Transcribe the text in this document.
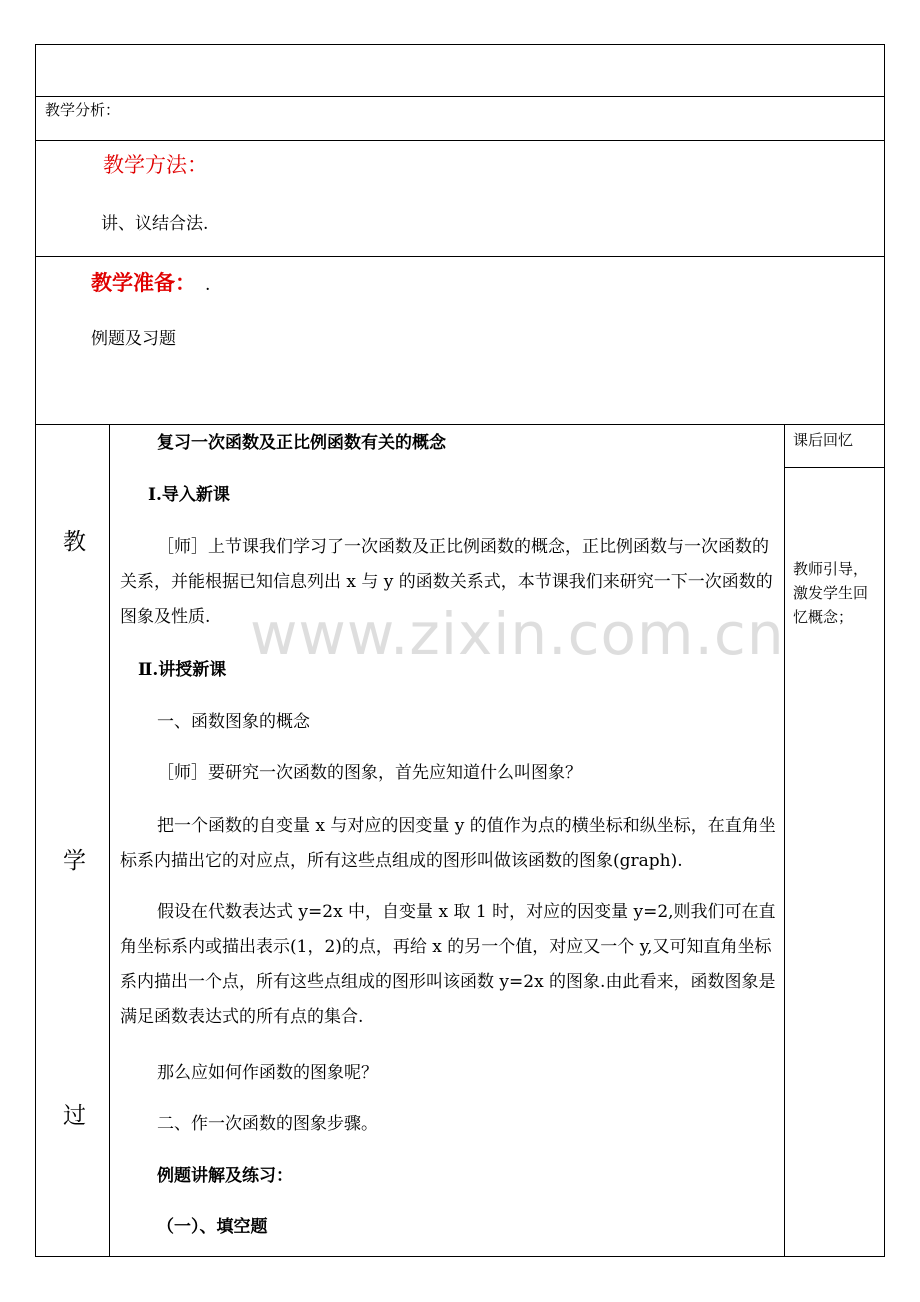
教学分析：
教学方法：
讲、议结合法.
教学准备： .
例题及习题
教
学
过
课后回忆
教师引导，激发学生回忆概念；
复习一次函数及正比例函数有关的概念
Ⅰ.导入新课
［师］上节课我们学习了一次函数及正比例函数的概念，正比例函数与一次函数的关系，并能根据已知信息列出 x 与 y 的函数关系式，本节课我们来研究一下一次函数的图象及性质.
Ⅱ.讲授新课
一、函数图象的概念
［师］要研究一次函数的图象，首先应知道什么叫图象？
把一个函数的自变量 x 与对应的因变量 y 的值作为点的横坐标和纵坐标，在直角坐标系内描出它的对应点，所有这些点组成的图形叫做该函数的图象(graph).
假设在代数表达式 y=2x 中，自变量 x 取 1 时，对应的因变量 y=2,则我们可在直角坐标系内或描出表示(1，2)的点，再给 x 的另一个值，对应又一个 y,又可知直角坐标系内描出一个点，所有这些点组成的图形叫该函数 y=2x 的图象.由此看来，函数图象是满足函数表达式的所有点的集合.
那么应如何作函数的图象呢？
二、作一次函数的图象步骤。
例题讲解及练习：
（一）、填空题
www.zixin.com.cn
